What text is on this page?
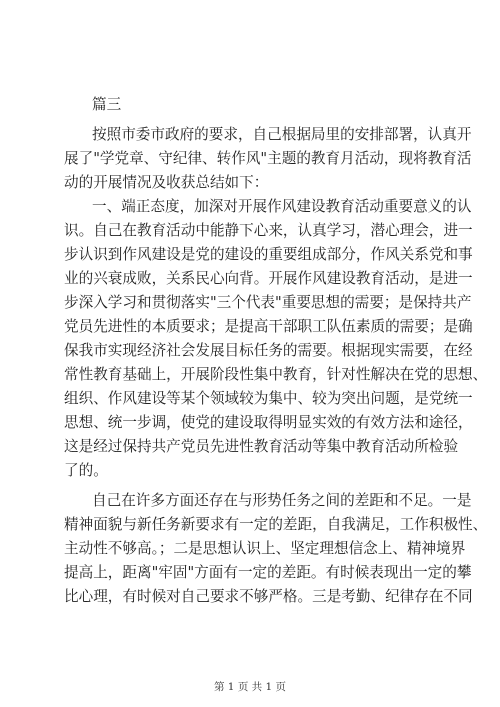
篇三

按照市委市政府的要求，自己根据局里的安排部署，认真开

展了"学党章、守纪律、转作风"主题的教育月活动，现将教育活

动的开展情况及收获总结如下：

一、端正态度，加深对开展作风建设教育活动重要意义的认

识。自己在教育活动中能静下心来，认真学习，潜心理会，进一

步认识到作风建设是党的建设的重要组成部分，作风关系党和事

业的兴衰成败，关系民心向背。开展作风建设教育活动，是进一

步深入学习和贯彻落实"三个代表"重要思想的需要；是保持共产

党员先进性的本质要求；是提高干部职工队伍素质的需要；是确

保我市实现经济社会发展目标任务的需要。根据现实需要，在经

常性教育基础上，开展阶段性集中教育，针对性解决在党的思想、

组织、作风建设等某个领域较为集中、较为突出问题，是党统一

思想、统一步调，使党的建设取得明显实效的有效方法和途径，

这是经过保持共产党员先进性教育活动等集中教育活动所检验

了的。

自己在许多方面还存在与形势任务之间的差距和不足。一是

精神面貌与新任务新要求有一定的差距，自我满足，工作积极性、

主动性不够高。；二是思想认识上、坚定理想信念上、精神境界

提高上，距离"牢固"方面有一定的差距。有时候表现出一定的攀

比心理，有时候对自己要求不够严格。三是考勤、纪律存在不同

第 1 页 共 1 页
